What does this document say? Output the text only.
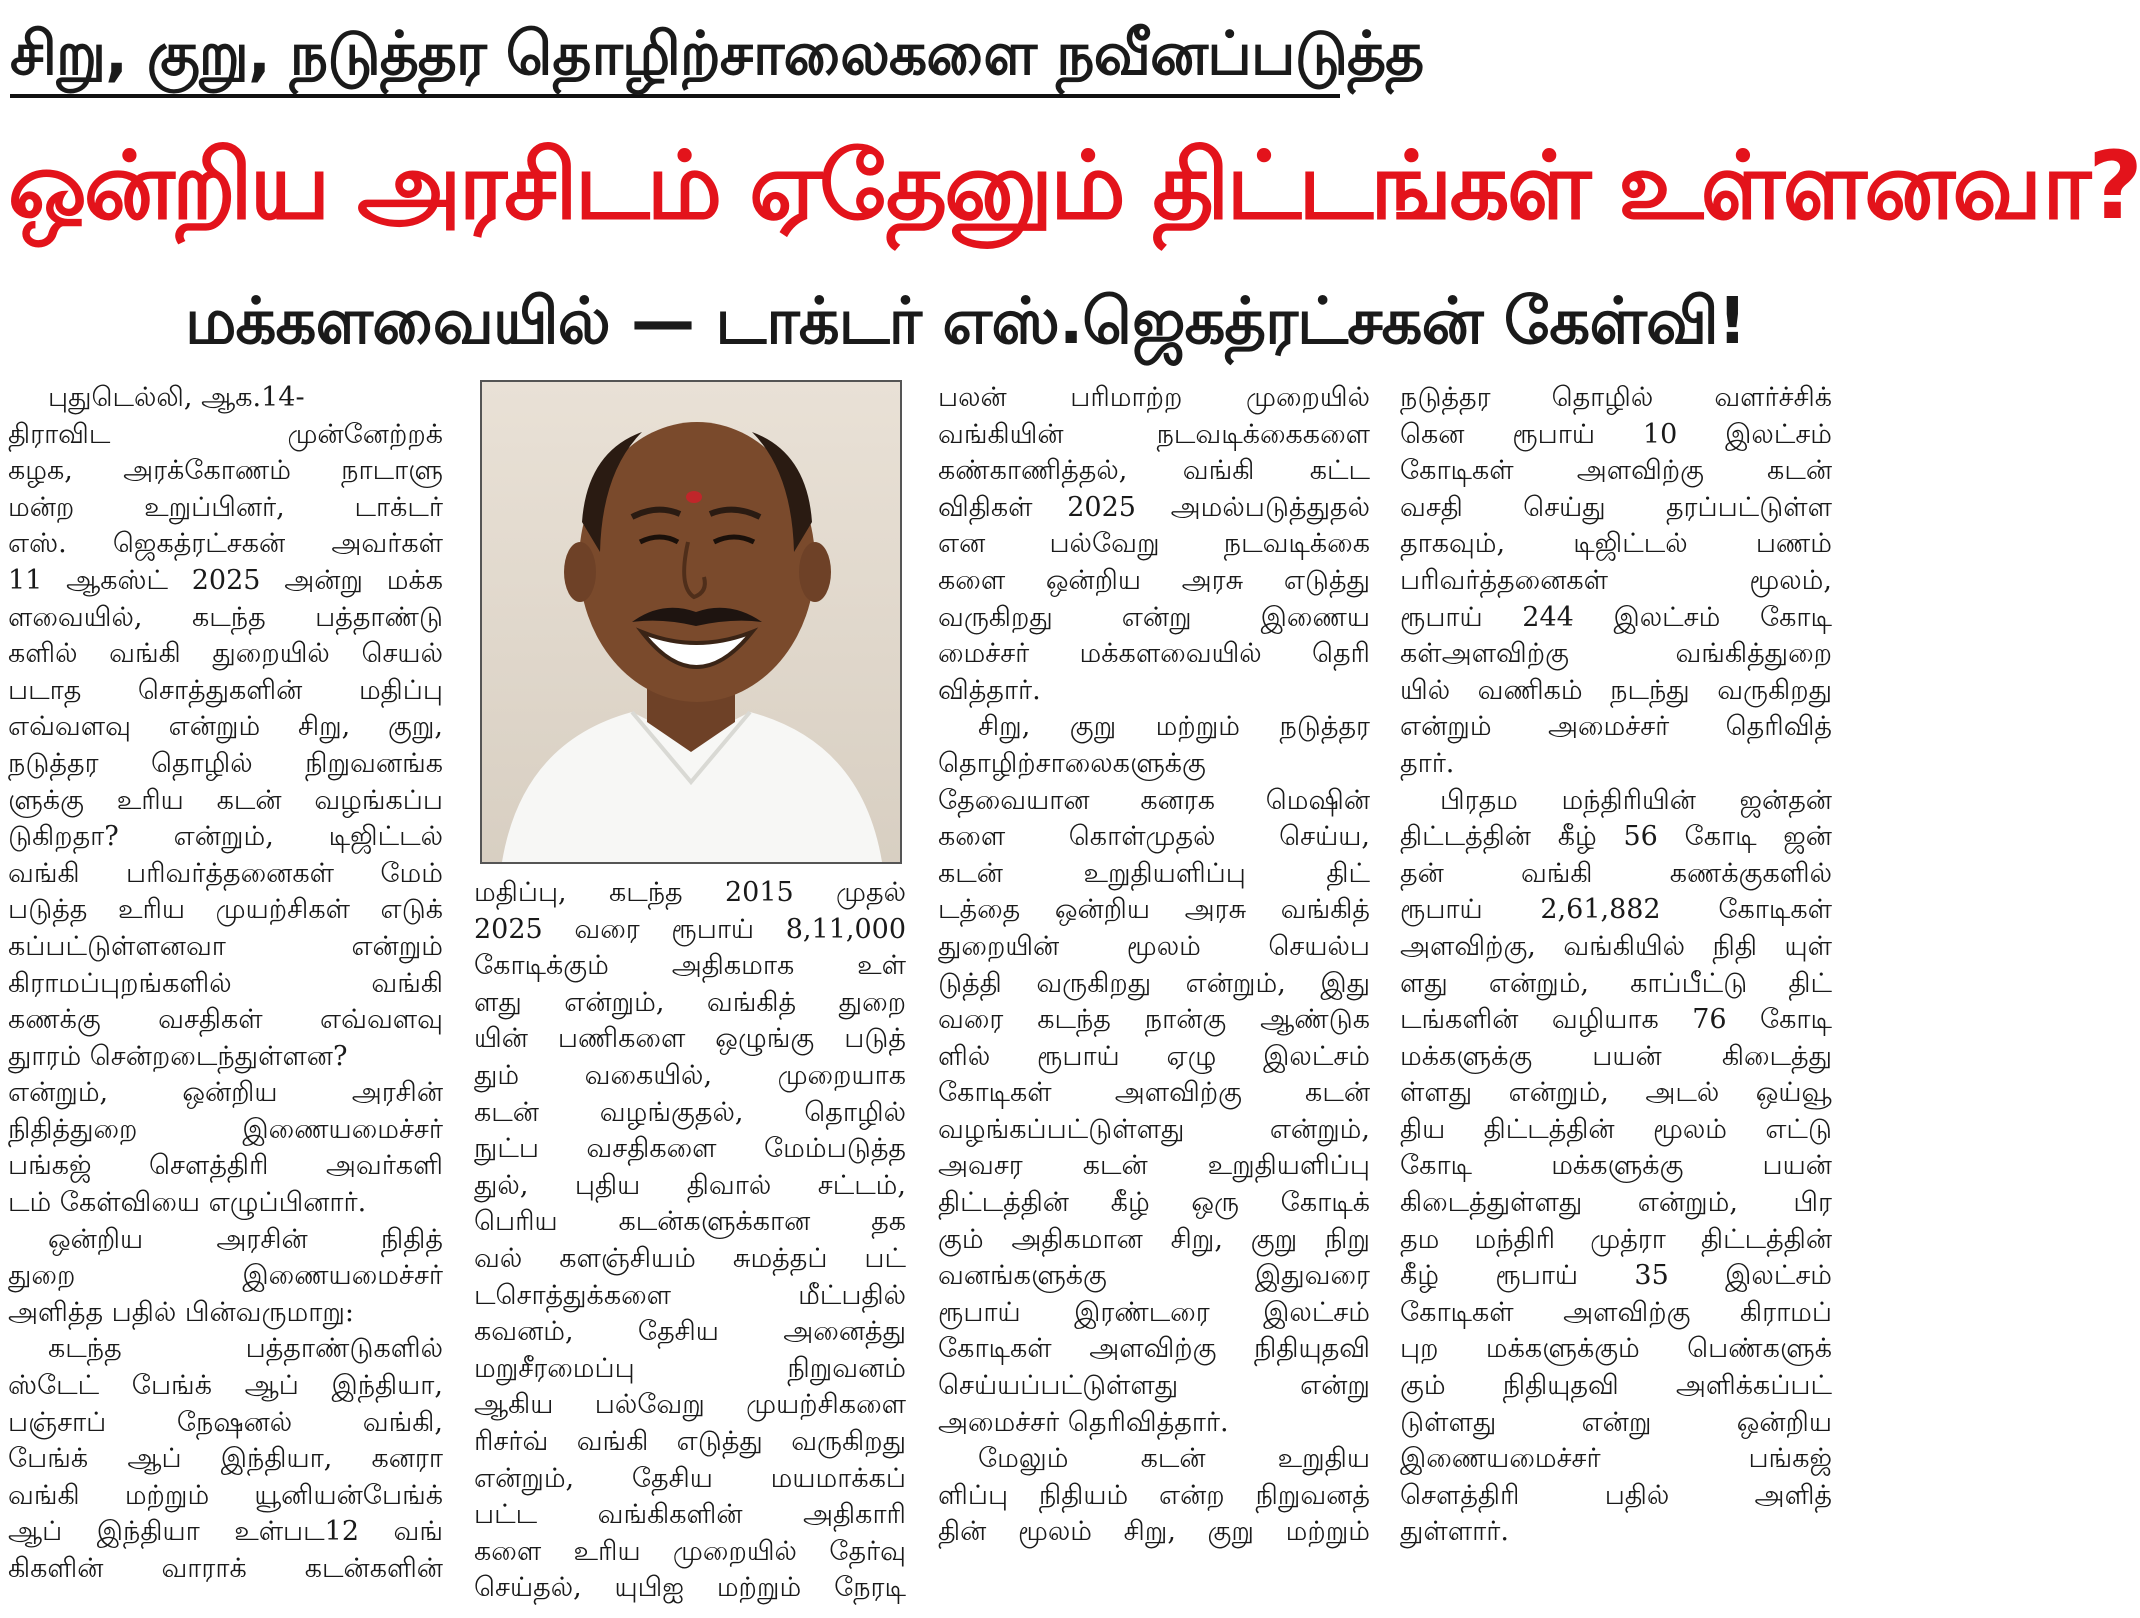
சிறு, குறு, நடுத்தர தொழிற்சாலைகளை நவீனப்படுத்த
ஒன்றிய அரசிடம் ஏதேனும் திட்டங்கள் உள்ளனவா?
மக்களவையில் — டாக்டர் எஸ்.ஜெகத்ரட்சகன் கேள்வி!
புதுடெல்லி, ஆக.14-
திராவிட முன்னேற்றக்
கழக, அரக்கோணம் நாடாளு
மன்ற உறுப்பினர், டாக்டர்
எஸ். ஜெகத்ரட்சகன் அவர்கள்
11 ஆகஸ்ட் 2025 அன்று மக்க
ளவையில், கடந்த பத்தாண்டு
களில் வங்கி துறையில் செயல்
படாத சொத்துகளின் மதிப்பு
எவ்வளவு என்றும் சிறு, குறு,
நடுத்தர தொழில் நிறுவனங்க
ளுக்கு உரிய கடன் வழங்கப்ப
டுகிறதா? என்றும், டிஜிட்டல்
வங்கி பரிவர்த்தனைகள் மேம்
படுத்த உரிய முயற்சிகள் எடுக்
கப்பட்டுள்ளனவா என்றும்
கிராமப்புறங்களில் வங்கி
கணக்கு வசதிகள் எவ்வளவு
துாரம் சென்றடைந்துள்ளன?
என்றும், ஒன்றிய அரசின்
நிதித்துறை இணையமைச்சர்
பங்கஜ் சௌத்திரி அவர்களி
டம் கேள்வியை எழுப்பினார்.
ஒன்றிய அரசின் நிதித்
துறை இணையமைச்சர்
அளித்த பதில் பின்வருமாறு:
கடந்த பத்தாண்டுகளில்
ஸ்டேட் பேங்க் ஆப் இந்தியா,
பஞ்சாப் நேஷனல் வங்கி,
பேங்க் ஆப் இந்தியா, கனரா
வங்கி மற்றும் யூனியன்பேங்க்
ஆப் இந்தியா உள்பட12 வங்
கிகளின் வாராக் கடன்களின்
மதிப்பு, கடந்த 2015 முதல்
2025 வரை ரூபாய் 8,11,000
கோடிக்கும் அதிகமாக உள்
ளது என்றும், வங்கித் துறை
யின் பணிகளை ஒழுங்கு படுத்
தும் வகையில், முறையாக
கடன் வழங்குதல், தொழில்
நுட்ப வசதிகளை மேம்படுத்த
துல், புதிய திவால் சட்டம்,
பெரிய கடன்களுக்கான தக
வல் களஞ்சியம் சுமத்தப் பட்
டசொத்துக்களை மீட்பதில்
கவனம், தேசிய அனைத்து
மறுசீரமைப்பு நிறுவனம்
ஆகிய பல்வேறு முயற்சிகளை
ரிசர்வ் வங்கி எடுத்து வருகிறது
என்றும், தேசிய மயமாக்கப்
பட்ட வங்கிகளின் அதிகாரி
களை உரிய முறையில் தேர்வு
செய்தல், யுபிஐ மற்றும் நேரடி
பலன் பரிமாற்ற முறையில்
வங்கியின் நடவடிக்கைகளை
கண்காணித்தல், வங்கி கட்ட
விதிகள் 2025 அமல்படுத்துதல்
என பல்வேறு நடவடிக்கை
களை ஒன்றிய அரசு எடுத்து
வருகிறது என்று இணைய
மைச்சர் மக்களவையில் தெரி
வித்தார்.
சிறு, குறு மற்றும் நடுத்தர
தொழிற்சாலைகளுக்கு
தேவையான கனரக மெஷின்
களை கொள்முதல் செய்ய,
கடன் உறுதியளிப்பு திட்
டத்தை ஒன்றிய அரசு வங்கித்
துறையின் மூலம் செயல்ப
டுத்தி வருகிறது என்றும், இது
வரை கடந்த நான்கு ஆண்டுக
ளில் ரூபாய் ஏழு இலட்சம்
கோடிகள் அளவிற்கு கடன்
வழங்கப்பட்டுள்ளது என்றும்,
அவசர கடன் உறுதியளிப்பு
திட்டத்தின் கீழ் ஒரு கோடிக்
கும் அதிகமான சிறு, குறு நிறு
வனங்களுக்கு இதுவரை
ரூபாய் இரண்டரை இலட்சம்
கோடிகள் அளவிற்கு நிதியுதவி
செய்யப்பட்டுள்ளது என்று
அமைச்சர் தெரிவித்தார்.
மேலும் கடன் உறுதிய
ளிப்பு நிதியம் என்ற நிறுவனத்
தின் மூலம் சிறு, குறு மற்றும்
நடுத்தர தொழில் வளர்ச்சிக்
கென ரூபாய் 10 இலட்சம்
கோடிகள் அளவிற்கு கடன்
வசதி செய்து தரப்பட்டுள்ள
தாகவும், டிஜிட்டல் பணம்
பரிவர்த்தனைகள் மூலம்,
ரூபாய் 244 இலட்சம் கோடி
கள்அளவிற்கு வங்கித்துறை
யில் வணிகம் நடந்து வருகிறது
என்றும் அமைச்சர் தெரிவித்
தார்.
பிரதம மந்திரியின் ஜன்தன்
திட்டத்தின் கீழ் 56 கோடி ஜன்
தன் வங்கி கணக்குகளில்
ரூபாய் 2,61,882 கோடிகள்
அளவிற்கு, வங்கியில் நிதி யுள்
ளது என்றும், காப்பீட்டு திட்
டங்களின் வழியாக 76 கோடி
மக்களுக்கு பயன் கிடைத்து
ள்ளது என்றும், அடல் ஒய்வூ
திய திட்டத்தின் மூலம் எட்டு
கோடி மக்களுக்கு பயன்
கிடைத்துள்ளது என்றும், பிர
தம மந்திரி முத்ரா திட்டத்தின்
கீழ் ரூபாய் 35 இலட்சம்
கோடிகள் அளவிற்கு கிராமப்
புற மக்களுக்கும் பெண்களுக்
கும் நிதியுதவி அளிக்கப்பட்
டுள்ளது என்று ஒன்றிய
இணையமைச்சர் பங்கஜ்
சௌத்திரி பதில் அளித்
துள்ளார்.
